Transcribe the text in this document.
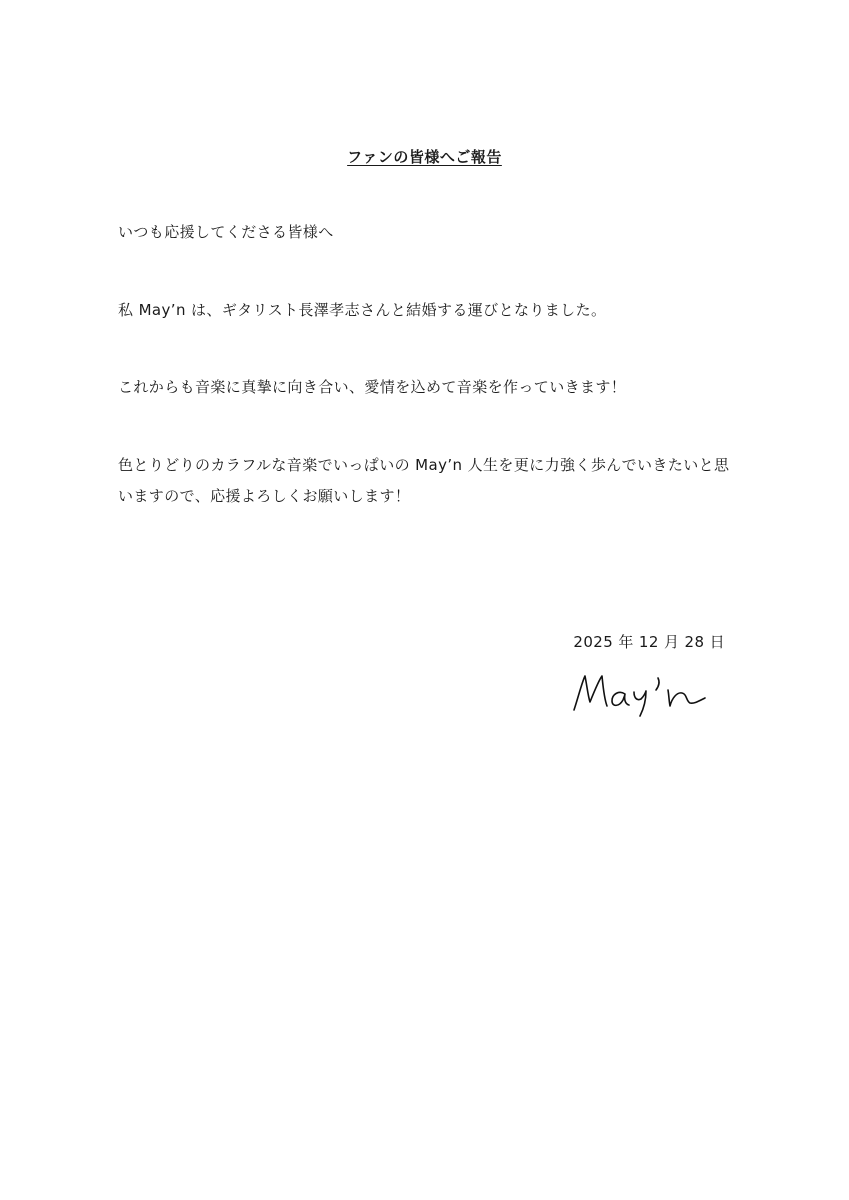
ファンの皆様へご報告

いつも応援してくださる皆様へ

私 May’n は、ギタリスト長澤孝志さんと結婚する運びとなりました。

これからも音楽に真摯に向き合い、愛情を込めて音楽を作っていきます！

色とりどりのカラフルな音楽でいっぱいの May’n 人生を更に力強く歩んでいきたいと思いますので、応援よろしくお願いします！

2025 年 12 月 28 日
